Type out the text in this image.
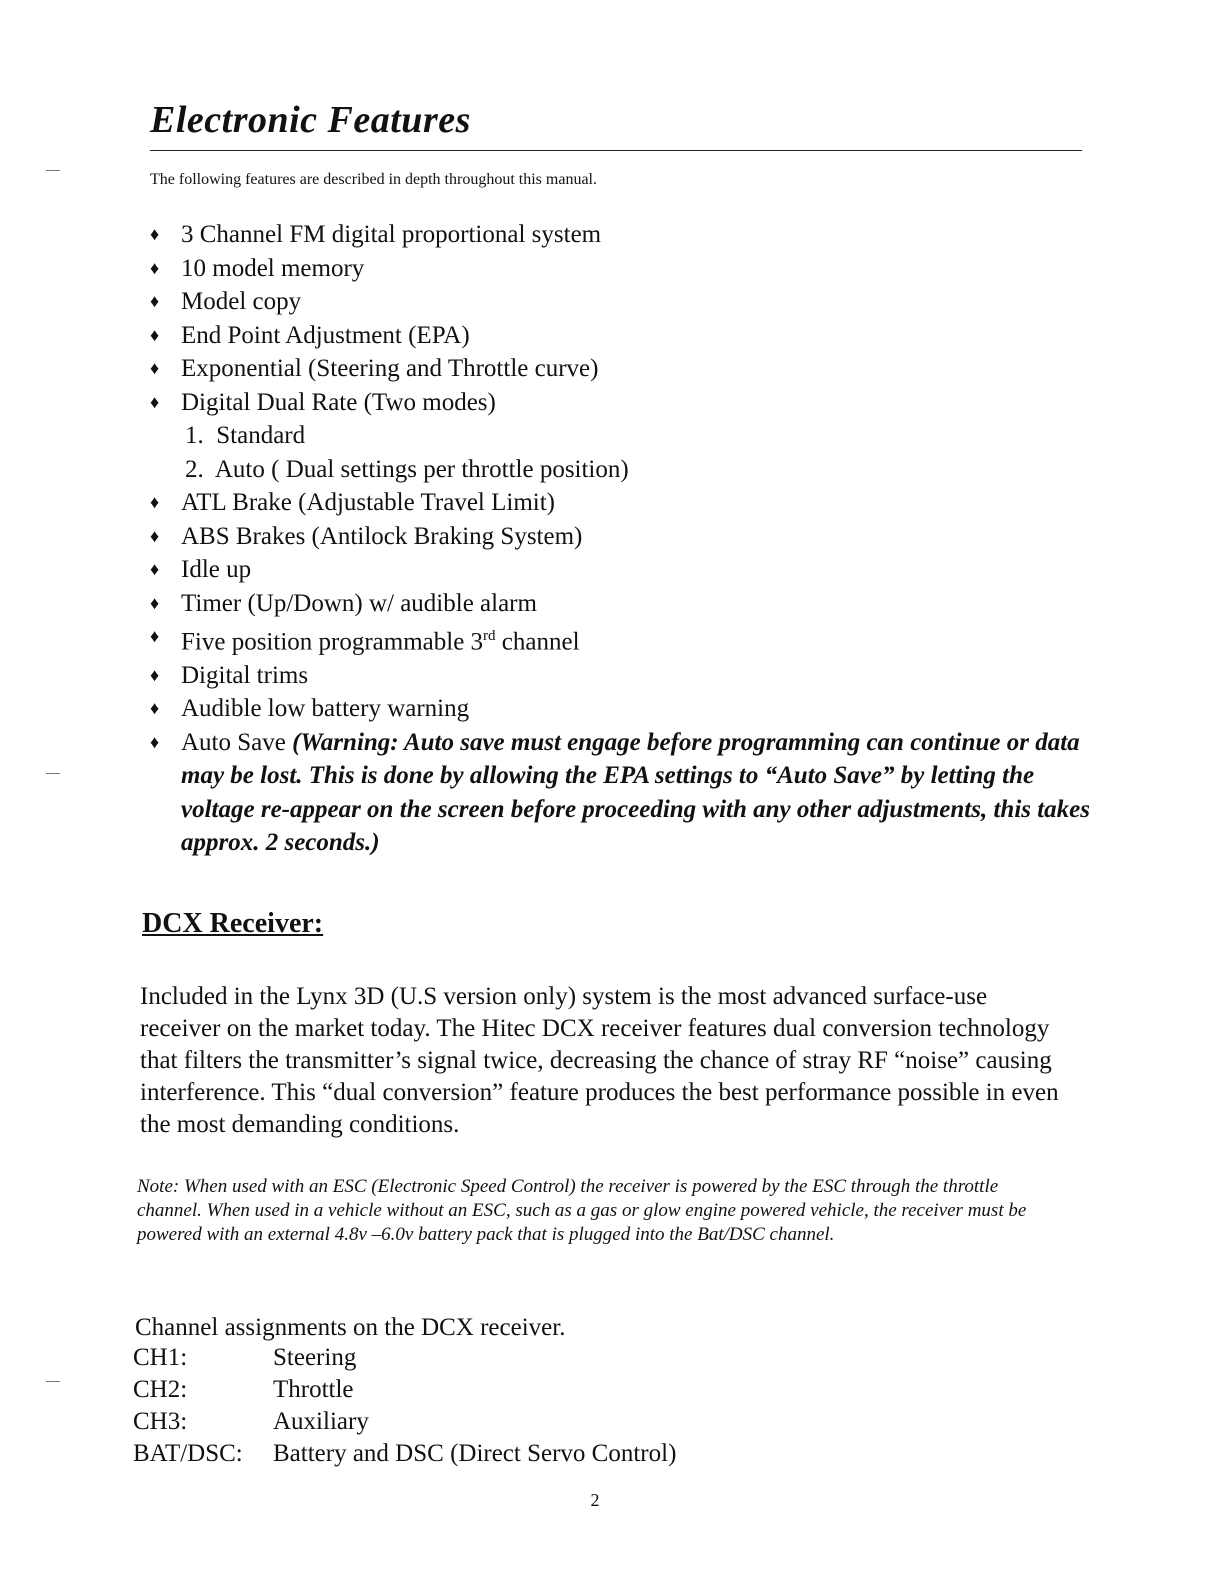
Electronic Features
The following features are described in depth throughout this manual.
♦ 3 Channel FM digital proportional system
♦ 10 model memory
♦ Model copy
♦ End Point Adjustment (EPA)
♦ Exponential (Steering and Throttle curve)
♦ Digital Dual Rate (Two modes)
1. Standard
2. Auto ( Dual settings per throttle position)
♦ ATL Brake (Adjustable Travel Limit)
♦ ABS Brakes (Antilock Braking System)
♦ Idle up
♦ Timer (Up/Down) w/ audible alarm
♦ Five position programmable 3rd channel
♦ Digital trims
♦ Audible low battery warning
♦ Auto Save (Warning: Auto save must engage before programming can continue or data may be lost. This is done by allowing the EPA settings to “Auto Save” by letting the voltage re-appear on the screen before proceeding with any other adjustments, this takes approx. 2 seconds.)
DCX Receiver:
Included in the Lynx 3D (U.S version only) system is the most advanced surface-use receiver on the market today. The Hitec DCX receiver features dual conversion technology that filters the transmitter’s signal twice, decreasing the chance of stray RF “noise” causing interference. This “dual conversion” feature produces the best performance possible in even the most demanding conditions.
Note: When used with an ESC (Electronic Speed Control) the receiver is powered by the ESC through the throttle channel. When used in a vehicle without an ESC, such as a gas or glow engine powered vehicle, the receiver must be powered with an external 4.8v –6.0v battery pack that is plugged into the Bat/DSC channel.
Channel assignments on the DCX receiver.
CH1:	Steering
CH2:	Throttle
CH3:	Auxiliary
BAT/DSC:	Battery and DSC (Direct Servo Control)
2
